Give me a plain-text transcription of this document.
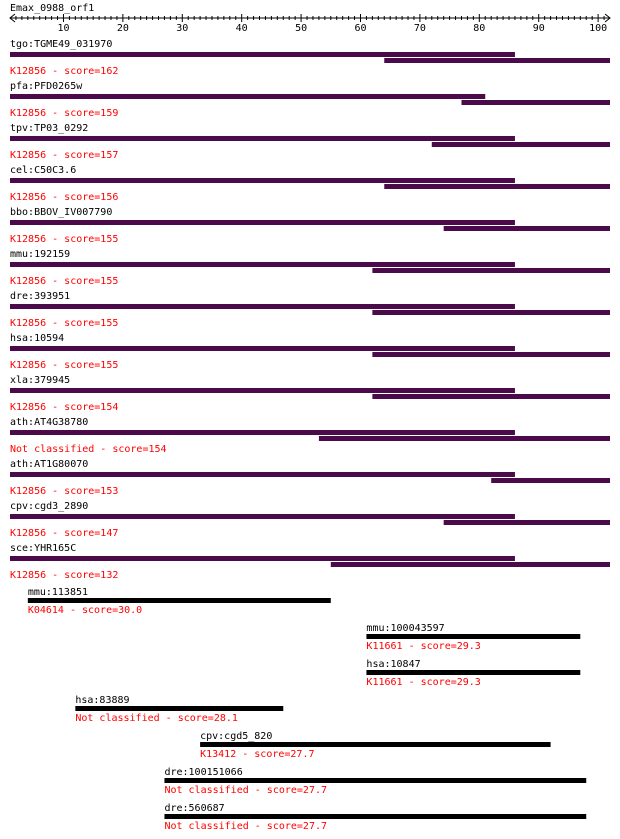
Emax_0988_orf1
10	20	30	40	50	60	70	80	90	100
tgo:TGME49_031970
K12856 - score=162
pfa:PFD0265w
K12856 - score=159
tpv:TP03_0292
K12856 - score=157
cel:C50C3.6
K12856 - score=156
bbo:BBOV_IV007790
K12856 - score=155
mmu:192159
K12856 - score=155
dre:393951
K12856 - score=155
hsa:10594
K12856 - score=155
xla:379945
K12856 - score=154
ath:AT4G38780
Not classified - score=154
ath:AT1G80070
K12856 - score=153
cpv:cgd3_2890
K12856 - score=147
sce:YHR165C
K12856 - score=132
mmu:113851
K04614 - score=30.0
mmu:100043597
K11661 - score=29.3
hsa:10847
K11661 - score=29.3
hsa:83889
Not classified - score=28.1
cpv:cgd5_820
K13412 - score=27.7
dre:100151066
Not classified - score=27.7
dre:560687
Not classified - score=27.7
